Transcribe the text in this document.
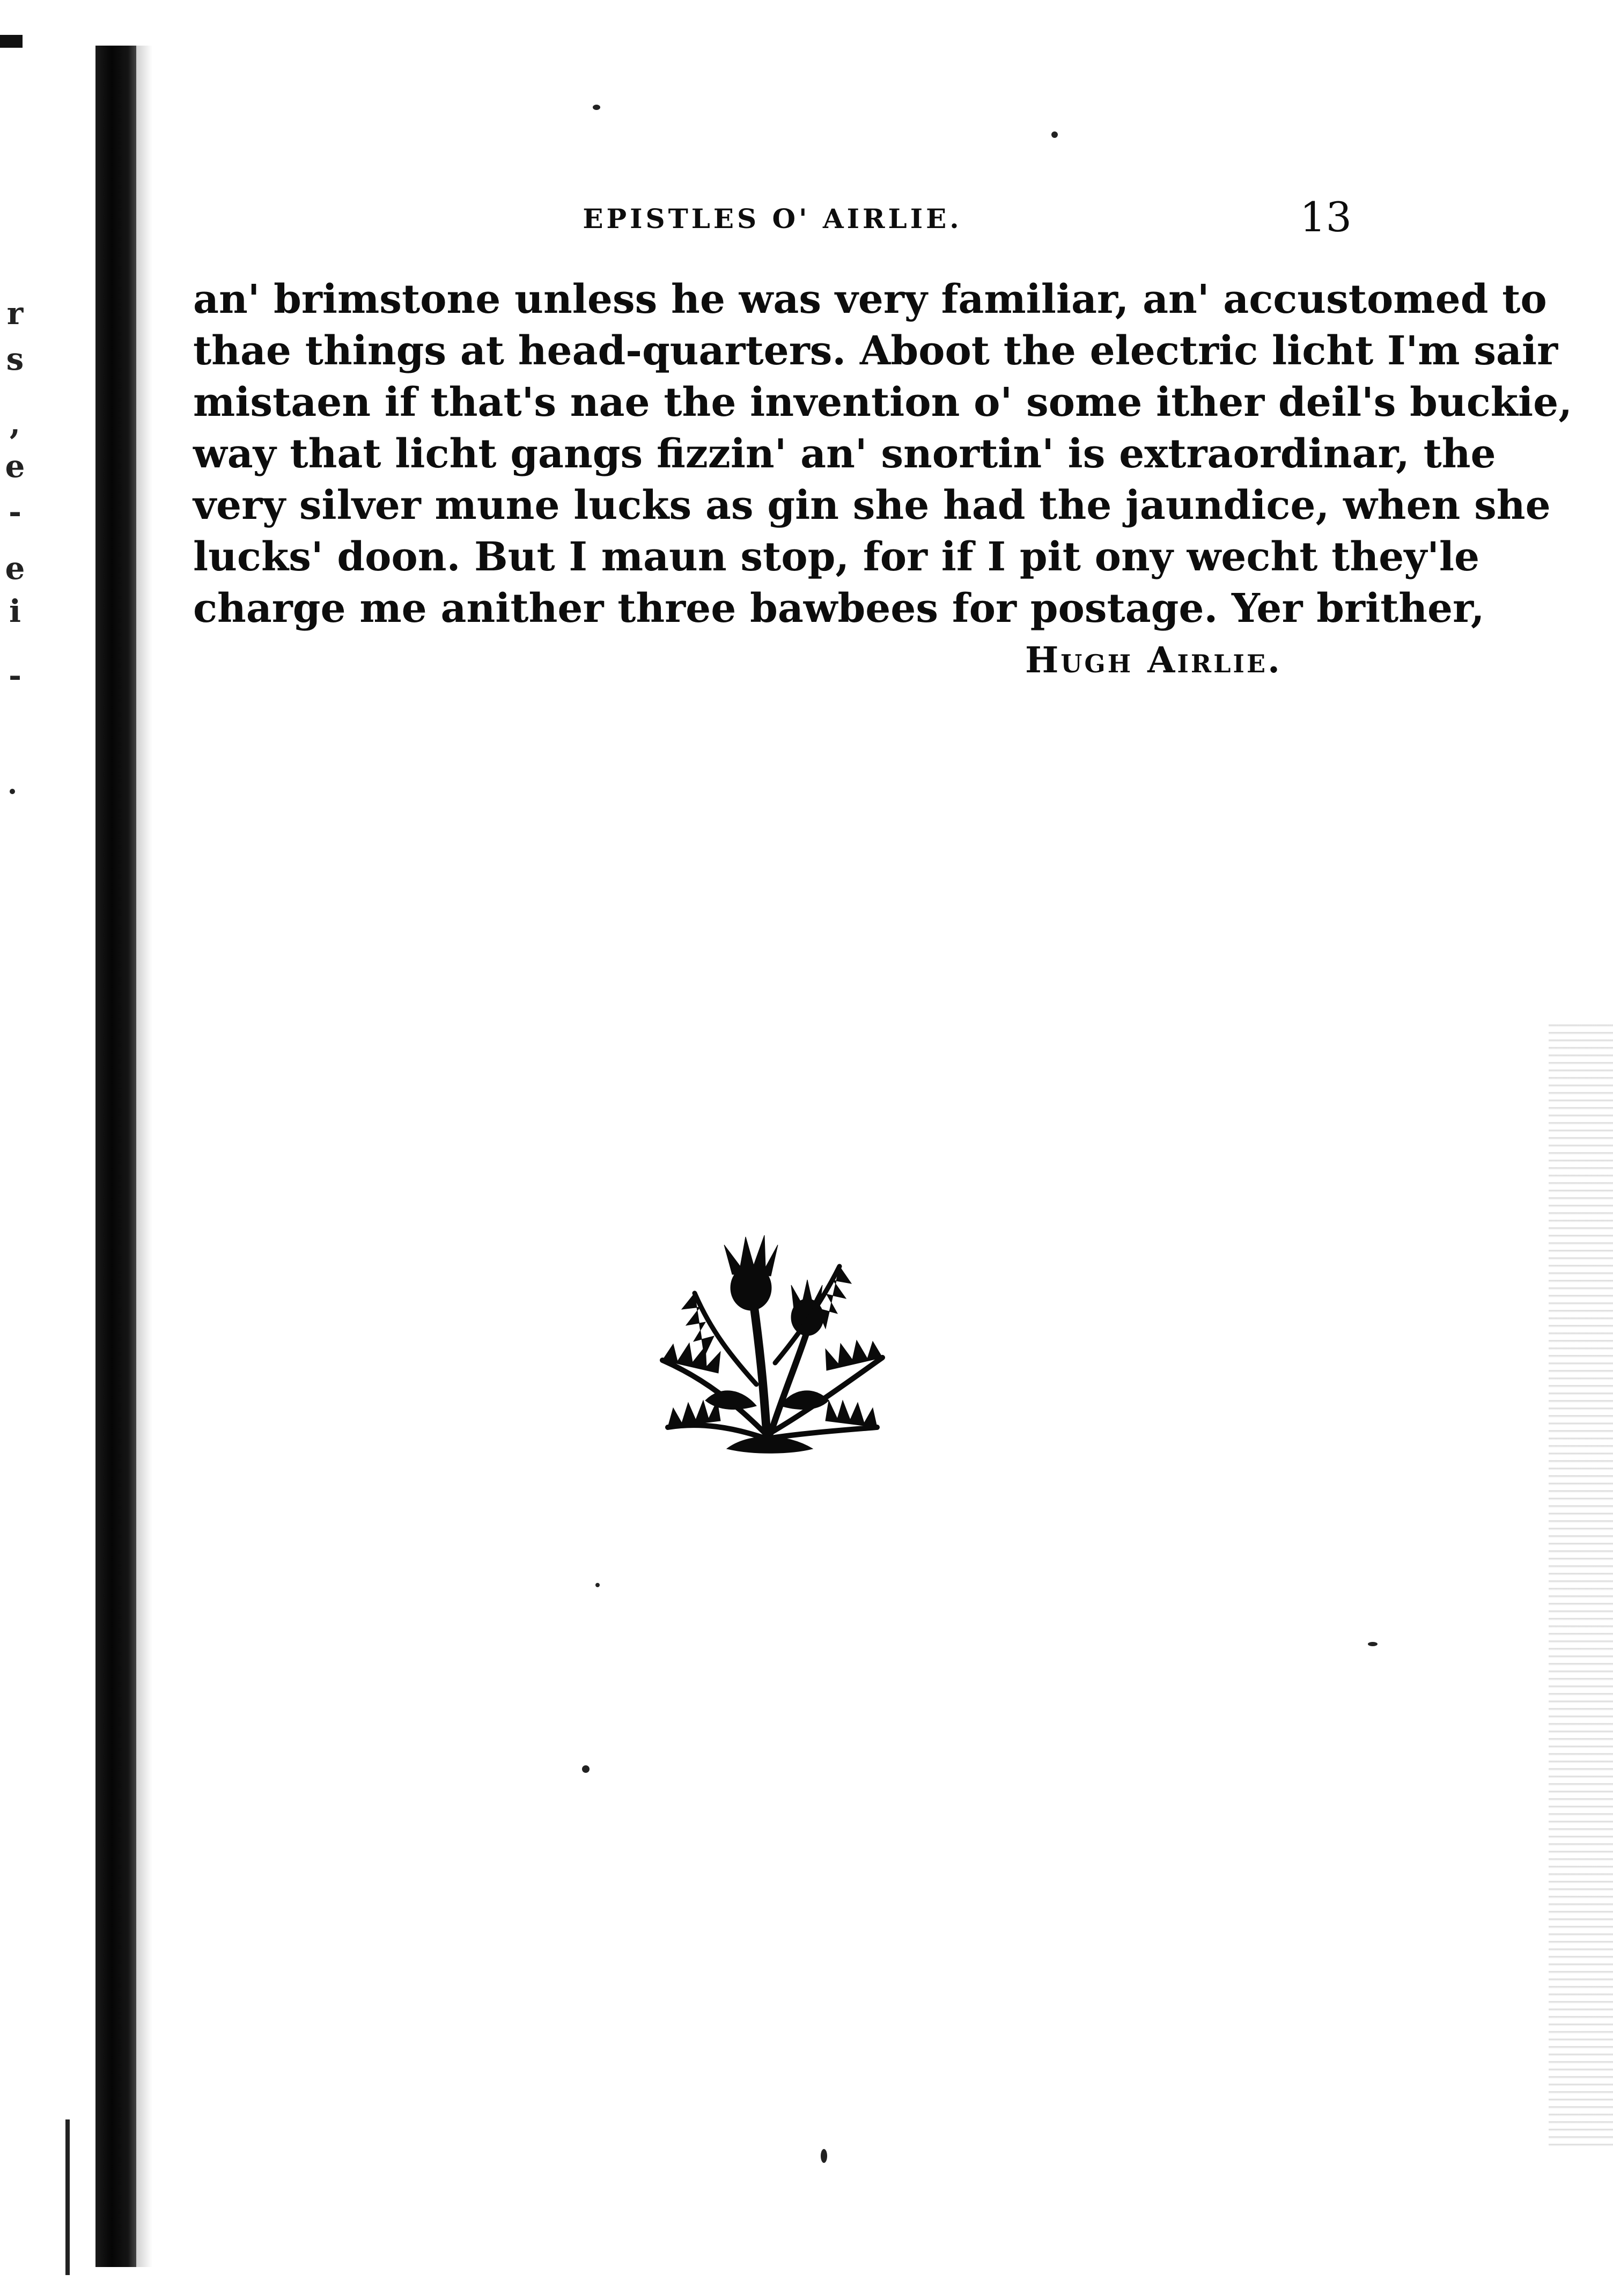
r
s
,
e
-
e
i
-
EPISTLES O' AIRLIE.	13
an' brimstone unless he was very familiar, an' accustomed to
thae things at head-quarters. Aboot the electric licht I'm sair
mistaen if that's nae the invention o' some ither deil's buckie,
way that licht gangs fizzin' an' snortin' is extraordinar, the
very silver mune lucks as gin she had the jaundice, when she
lucks' doon. But I maun stop, for if I pit ony wecht they'le
charge me anither three bawbees for postage. Yer brither,
Hugh Airlie.
